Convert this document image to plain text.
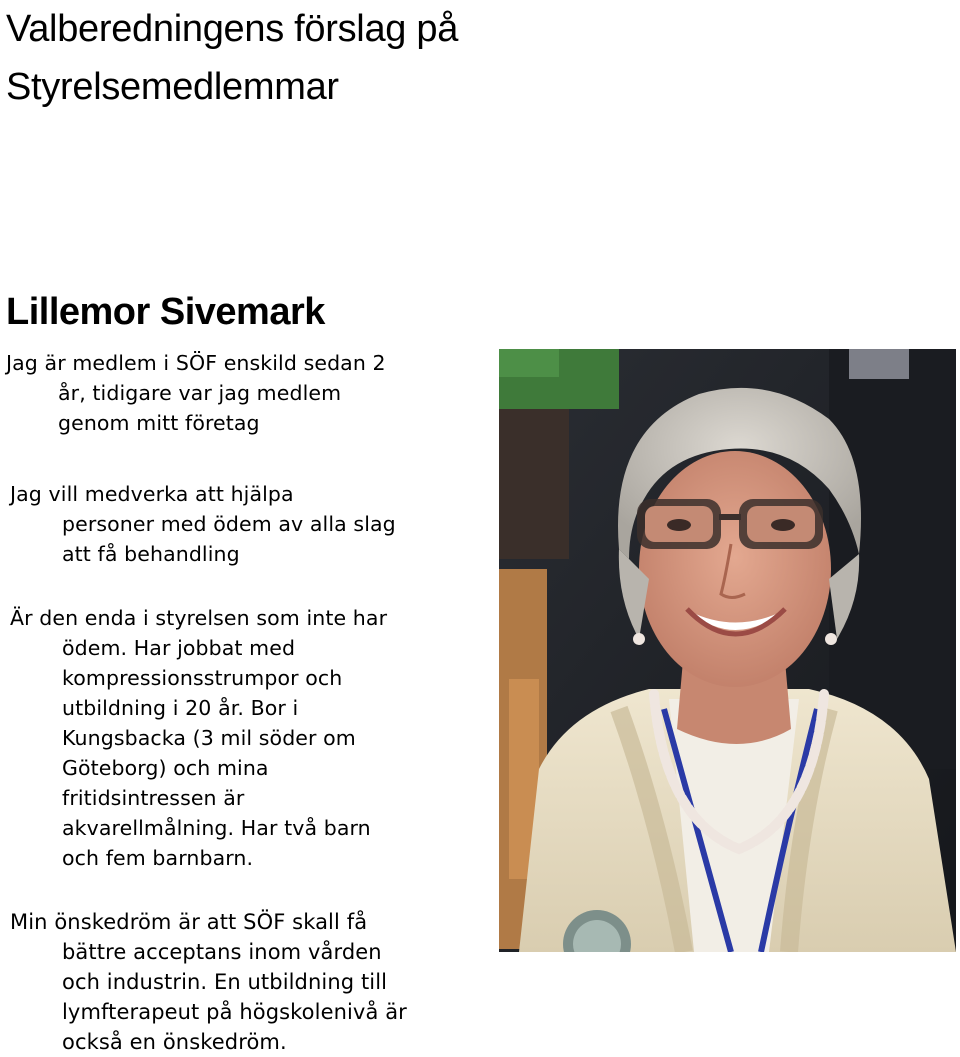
Valberedningens förslag på
Styrelsemedlemmar
Lillemor Sivemark
Jag är medlem i SÖF enskild sedan 2
år, tidigare var jag medlem
genom mitt företag
Jag vill medverka att hjälpa
personer med ödem av alla slag
att få behandling
Är den enda i styrelsen som inte har
ödem. Har jobbat med
kompressionsstrumpor och
utbildning i 20 år. Bor i
Kungsbacka (3 mil söder om
Göteborg) och mina
fritidsintressen är
akvarellmålning. Har två barn
och fem barnbarn.
Min önskedröm är att SÖF skall få
bättre acceptans inom vården
och industrin. En utbildning till
lymfterapeut på högskolenivå är
också en önskedröm.
